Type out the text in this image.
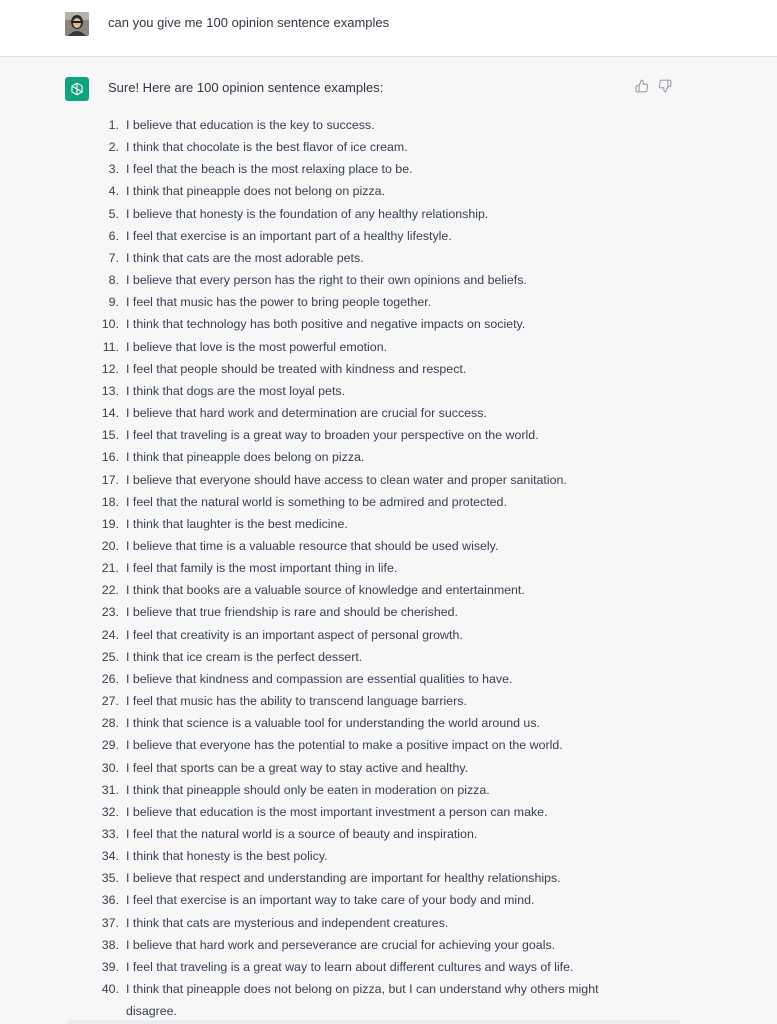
can you give me 100 opinion sentence examples
Sure! Here are 100 opinion sentence examples:
1. I believe that education is the key to success.
2. I think that chocolate is the best flavor of ice cream.
3. I feel that the beach is the most relaxing place to be.
4. I think that pineapple does not belong on pizza.
5. I believe that honesty is the foundation of any healthy relationship.
6. I feel that exercise is an important part of a healthy lifestyle.
7. I think that cats are the most adorable pets.
8. I believe that every person has the right to their own opinions and beliefs.
9. I feel that music has the power to bring people together.
10. I think that technology has both positive and negative impacts on society.
11. I believe that love is the most powerful emotion.
12. I feel that people should be treated with kindness and respect.
13. I think that dogs are the most loyal pets.
14. I believe that hard work and determination are crucial for success.
15. I feel that traveling is a great way to broaden your perspective on the world.
16. I think that pineapple does belong on pizza.
17. I believe that everyone should have access to clean water and proper sanitation.
18. I feel that the natural world is something to be admired and protected.
19. I think that laughter is the best medicine.
20. I believe that time is a valuable resource that should be used wisely.
21. I feel that family is the most important thing in life.
22. I think that books are a valuable source of knowledge and entertainment.
23. I believe that true friendship is rare and should be cherished.
24. I feel that creativity is an important aspect of personal growth.
25. I think that ice cream is the perfect dessert.
26. I believe that kindness and compassion are essential qualities to have.
27. I feel that music has the ability to transcend language barriers.
28. I think that science is a valuable tool for understanding the world around us.
29. I believe that everyone has the potential to make a positive impact on the world.
30. I feel that sports can be a great way to stay active and healthy.
31. I think that pineapple should only be eaten in moderation on pizza.
32. I believe that education is the most important investment a person can make.
33. I feel that the natural world is a source of beauty and inspiration.
34. I think that honesty is the best policy.
35. I believe that respect and understanding are important for healthy relationships.
36. I feel that exercise is an important way to take care of your body and mind.
37. I think that cats are mysterious and independent creatures.
38. I believe that hard work and perseverance are crucial for achieving your goals.
39. I feel that traveling is a great way to learn about different cultures and ways of life.
40. I think that pineapple does not belong on pizza, but I can understand why others might disagree.
